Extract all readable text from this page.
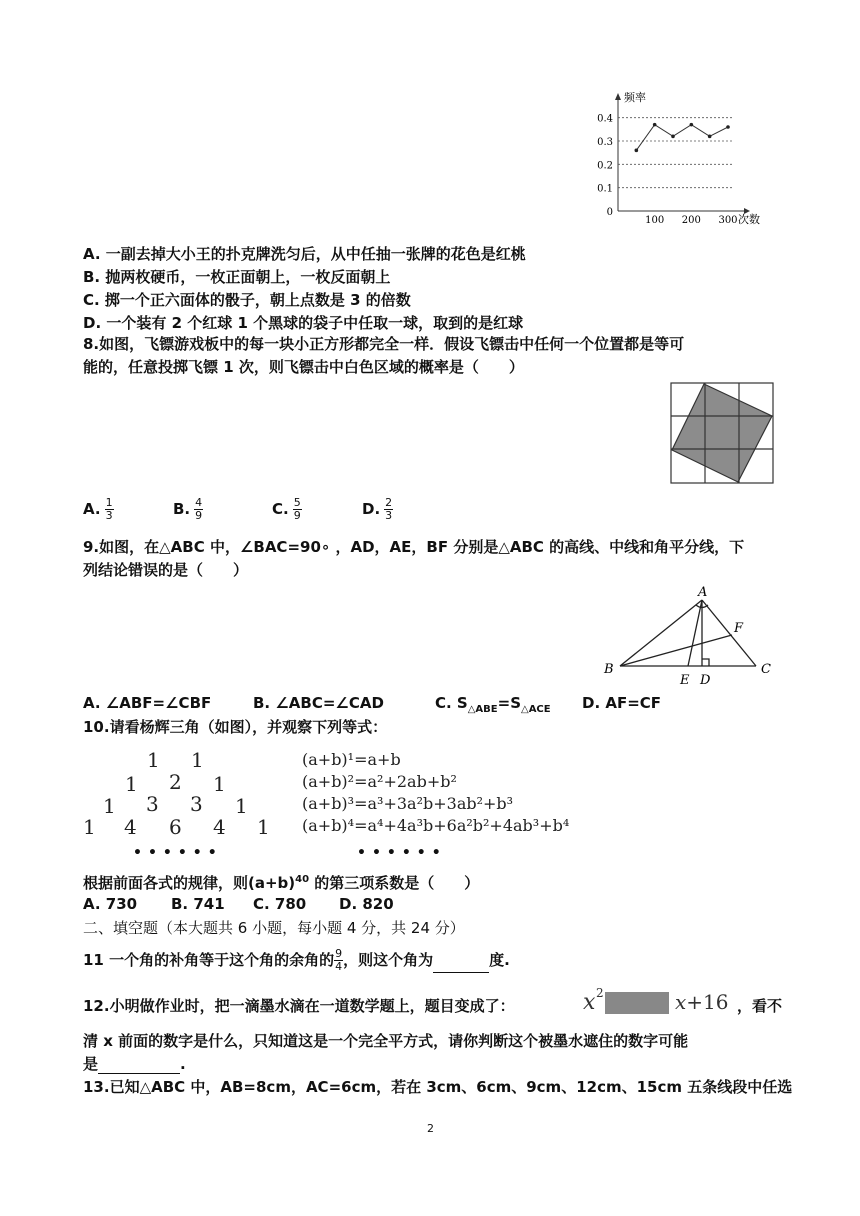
0.1
0.2
0.3
0.4
0
100 200 300
频率
次数
A. 一副去掉大小王的扑克牌洗匀后，从中任抽一张牌的花色是红桃
B. 抛两枚硬币，一枚正面朝上，一枚反面朝上
C. 掷一个正六面体的骰子，朝上点数是 3 的倍数
D. 一个装有 2 个红球 1 个黑球的袋子中任取一球，取到的是红球
8.如图，飞镖游戏板中的每一块小正方形都完全一样．假设飞镖击中任何一个位置都是等可
能的，任意投掷飞镖 1 次，则飞镖击中白色区域的概率是（　　）
A. $\frac{1}{3}$	B. $\frac{4}{9}$	C. $\frac{5}{9}$	D. $\frac{2}{3}$
9.如图，在△ABC 中，∠BAC=90∘ ，AD，AE，BF 分别是△ABC 的高线、中线和角平分线，下
列结论错误的是（　　）
A
B	C
D
E
F
A. ∠ABF=∠CBF	B. ∠ABC=∠CAD	C. $S_{\triangle ABE}=S_{\triangle ACE}$ D. AF=CF
10.请看杨辉三角（如图），并观察下列等式：
1 1
1 2 1
1 3 3 1
1 4 6 4 1
••••••
(a+b)¹=a+b
(a+b)²=a²+2ab+b²
(a+b)³=a³+3a²b+3ab²+b³
(a+b)⁴=a⁴+4a³b+6a²b²+4ab³+b⁴
••••••
根据前面各式的规律，则$(a+b)^{40}$ 的第三项系数是（　　）
A. 730 B. 741 C. 780 D. 820
二、填空题（本大题共 6 小题，每小题 4 分，共 24 分）
11 一个角的补角等于这个角的余角的 $\frac{9}{4}$ ，则这个角为	度.
12.小明做作业时，把一滴墨水滴在一道数学题上，题目变成了：	x 2	x+16 ，看不
清 x 前面的数字是什么，只知道这是一个完全平方式，请你判断这个被墨水遮住的数字可能
是	.
13.已知△ABC 中，AB=8cm，AC=6cm，若在 3cm、6cm、9cm、12cm、15cm 五条线段中任选
2
